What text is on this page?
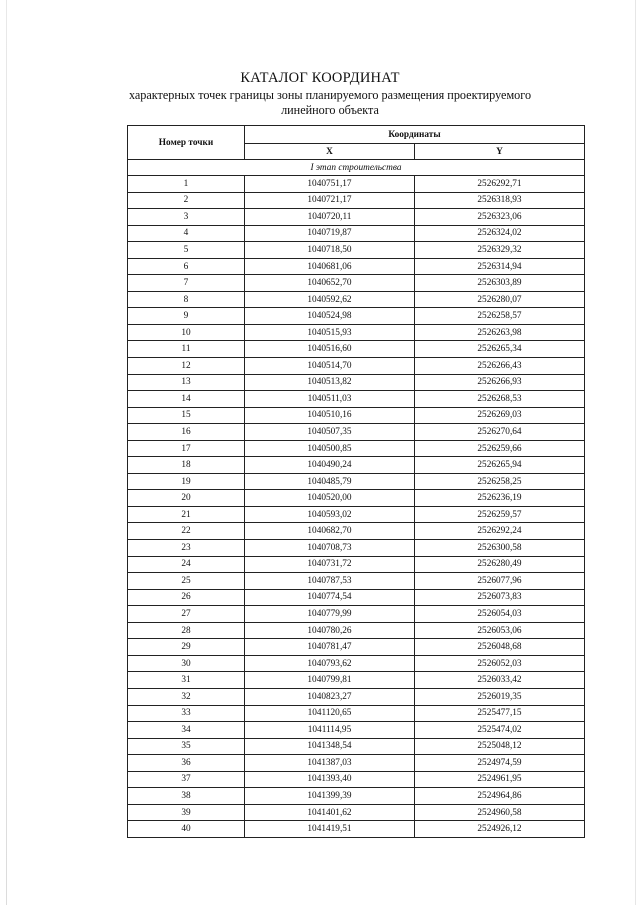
КАТАЛОГ КООРДИНАТ
характерных точек границы зоны планируемого размещения проектируемого
линейного объекта
Номер точки	Координаты	
	X	Y
I этап строительства		
1	1040751,17	2526292,71
2	1040721,17	2526318,93
3	1040720,11	2526323,06
4	1040719,87	2526324,02
5	1040718,50	2526329,32
6	1040681,06	2526314,94
7	1040652,70	2526303,89
8	1040592,62	2526280,07
9	1040524,98	2526258,57
10	1040515,93	2526263,98
11	1040516,60	2526265,34
12	1040514,70	2526266,43
13	1040513,82	2526266,93
14	1040511,03	2526268,53
15	1040510,16	2526269,03
16	1040507,35	2526270,64
17	1040500,85	2526259,66
18	1040490,24	2526265,94
19	1040485,79	2526258,25
20	1040520,00	2526236,19
21	1040593,02	2526259,57
22	1040682,70	2526292,24
23	1040708,73	2526300,58
24	1040731,72	2526280,49
25	1040787,53	2526077,96
26	1040774,54	2526073,83
27	1040779,99	2526054,03
28	1040780,26	2526053,06
29	1040781,47	2526048,68
30	1040793,62	2526052,03
31	1040799,81	2526033,42
32	1040823,27	2526019,35
33	1041120,65	2525477,15
34	1041114,95	2525474,02
35	1041348,54	2525048,12
36	1041387,03	2524974,59
37	1041393,40	2524961,95
38	1041399,39	2524964,86
39	1041401,62	2524960,58
40	1041419,51	2524926,12
